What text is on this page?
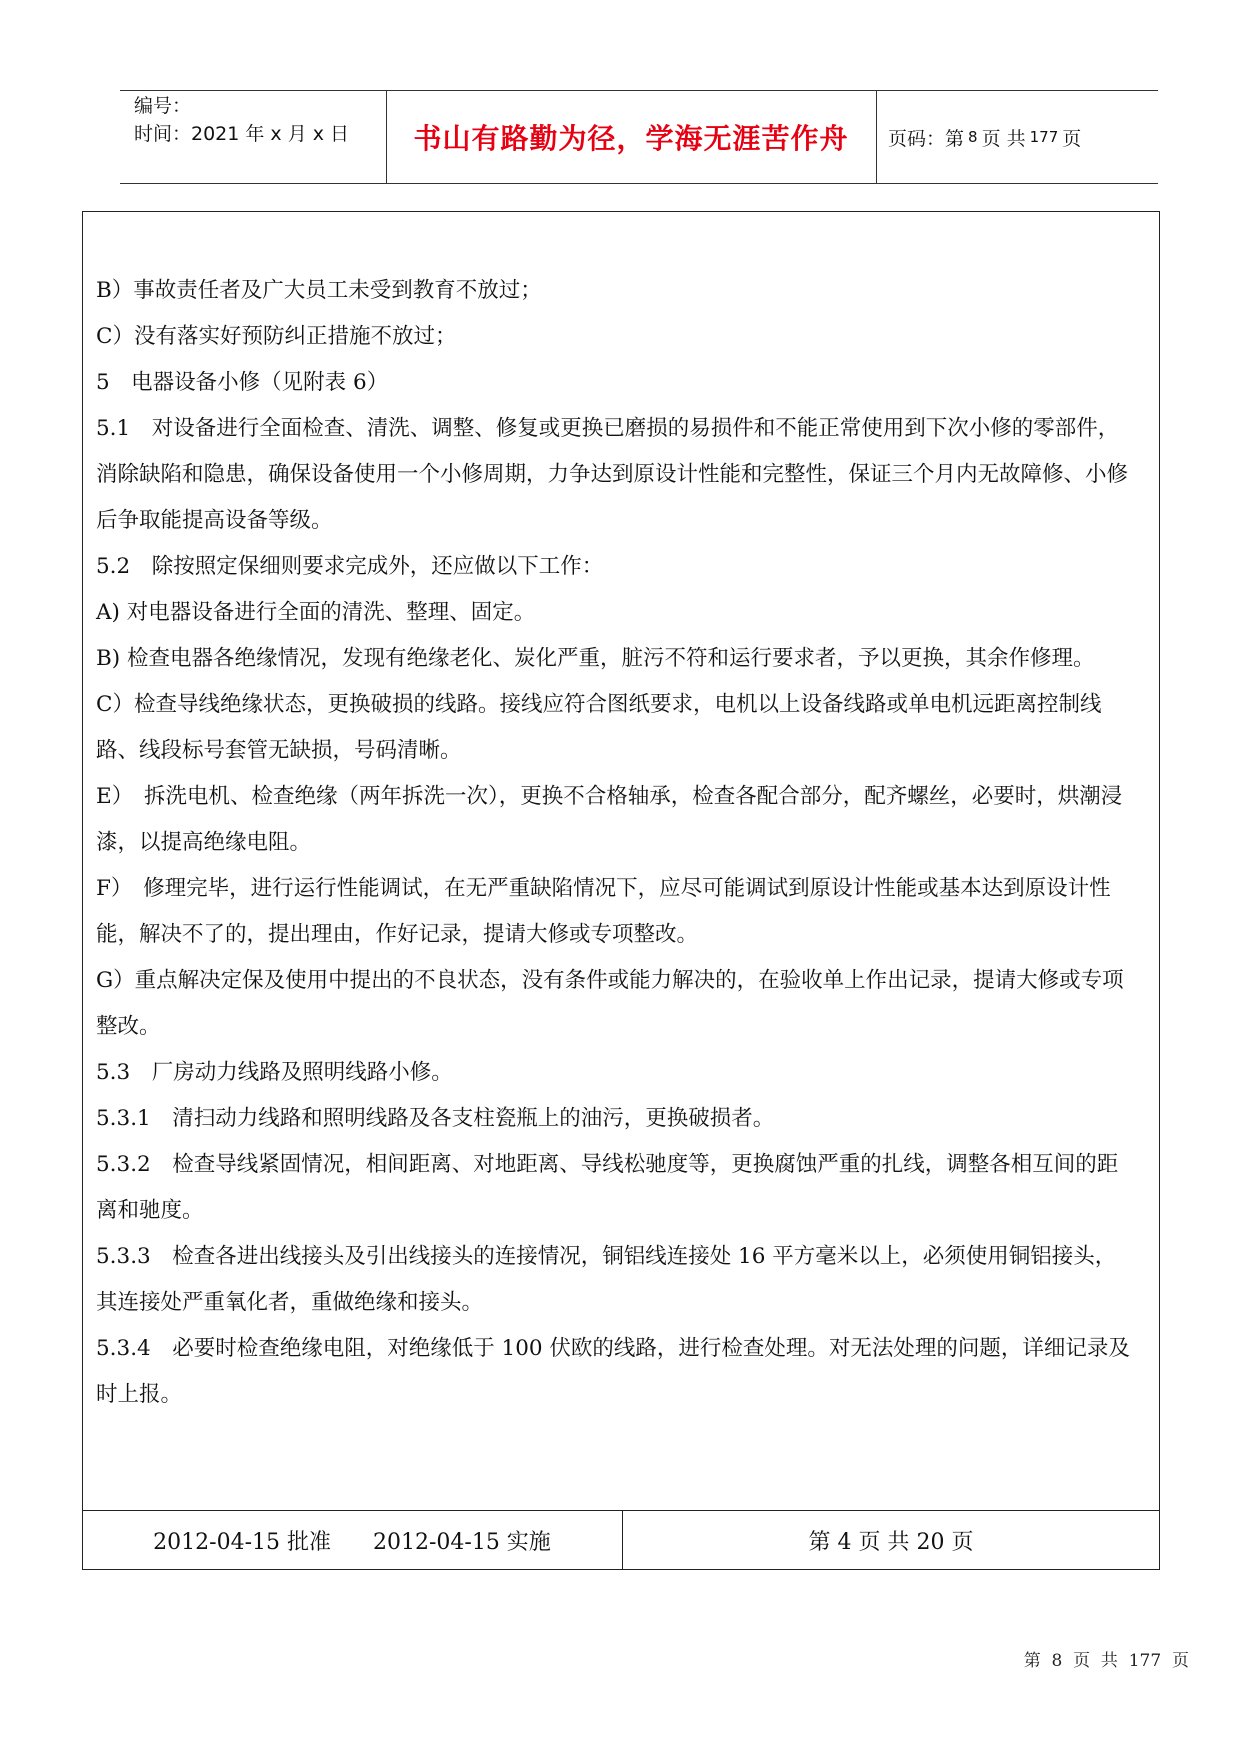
编号：
时间：2021 年 x 月 x 日	书山有路勤为径，学海无涯苦作舟	页码：第 8 页 共 177 页

B）事故责任者及广大员工未受到教育不放过；

C）没有落实好预防纠正措施不放过；

5　电器设备小修（见附表 6）

5.1　对设备进行全面检查、清洗、调整、修复或更换已磨损的易损件和不能正常使用到下次小修的零部件，消除缺陷和隐患，确保设备使用一个小修周期，力争达到原设计性能和完整性，保证三个月内无故障修、小修后争取能提高设备等级。

5.2　除按照定保细则要求完成外，还应做以下工作：

A) 对电器设备进行全面的清洗、整理、固定。

B) 检查电器各绝缘情况，发现有绝缘老化、炭化严重，脏污不符和运行要求者，予以更换，其余作修理。

C）检查导线绝缘状态，更换破损的线路。接线应符合图纸要求，电机以上设备线路或单电机远距离控制线路、线段标号套管无缺损，号码清晰。

E）　拆洗电机、检查绝缘（两年拆洗一次），更换不合格轴承，检查各配合部分，配齐螺丝，必要时，烘潮浸漆，以提高绝缘电阻。

F）　修理完毕，进行运行性能调试，在无严重缺陷情况下，应尽可能调试到原设计性能或基本达到原设计性能，解决不了的，提出理由，作好记录，提请大修或专项整改。

G）重点解决定保及使用中提出的不良状态，没有条件或能力解决的，在验收单上作出记录，提请大修或专项整改。

5.3　厂房动力线路及照明线路小修。

5.3.1　清扫动力线路和照明线路及各支柱瓷瓶上的油污，更换破损者。

5.3.2　检查导线紧固情况，相间距离、对地距离、导线松驰度等，更换腐蚀严重的扎线，调整各相互间的距离和驰度。

5.3.3　检查各进出线接头及引出线接头的连接情况，铜铝线连接处 16 平方毫米以上，必须使用铜铝接头，其连接处严重氧化者，重做绝缘和接头。

5.3.4　必要时检查绝缘电阻，对绝缘低于 100 伏欧的线路，进行检查处理。对无法处理的问题，详细记录及时上报。

2012-04-15 批准      2012-04-15 实施	第 4 页 共 20 页
第  8  页  共  177  页
